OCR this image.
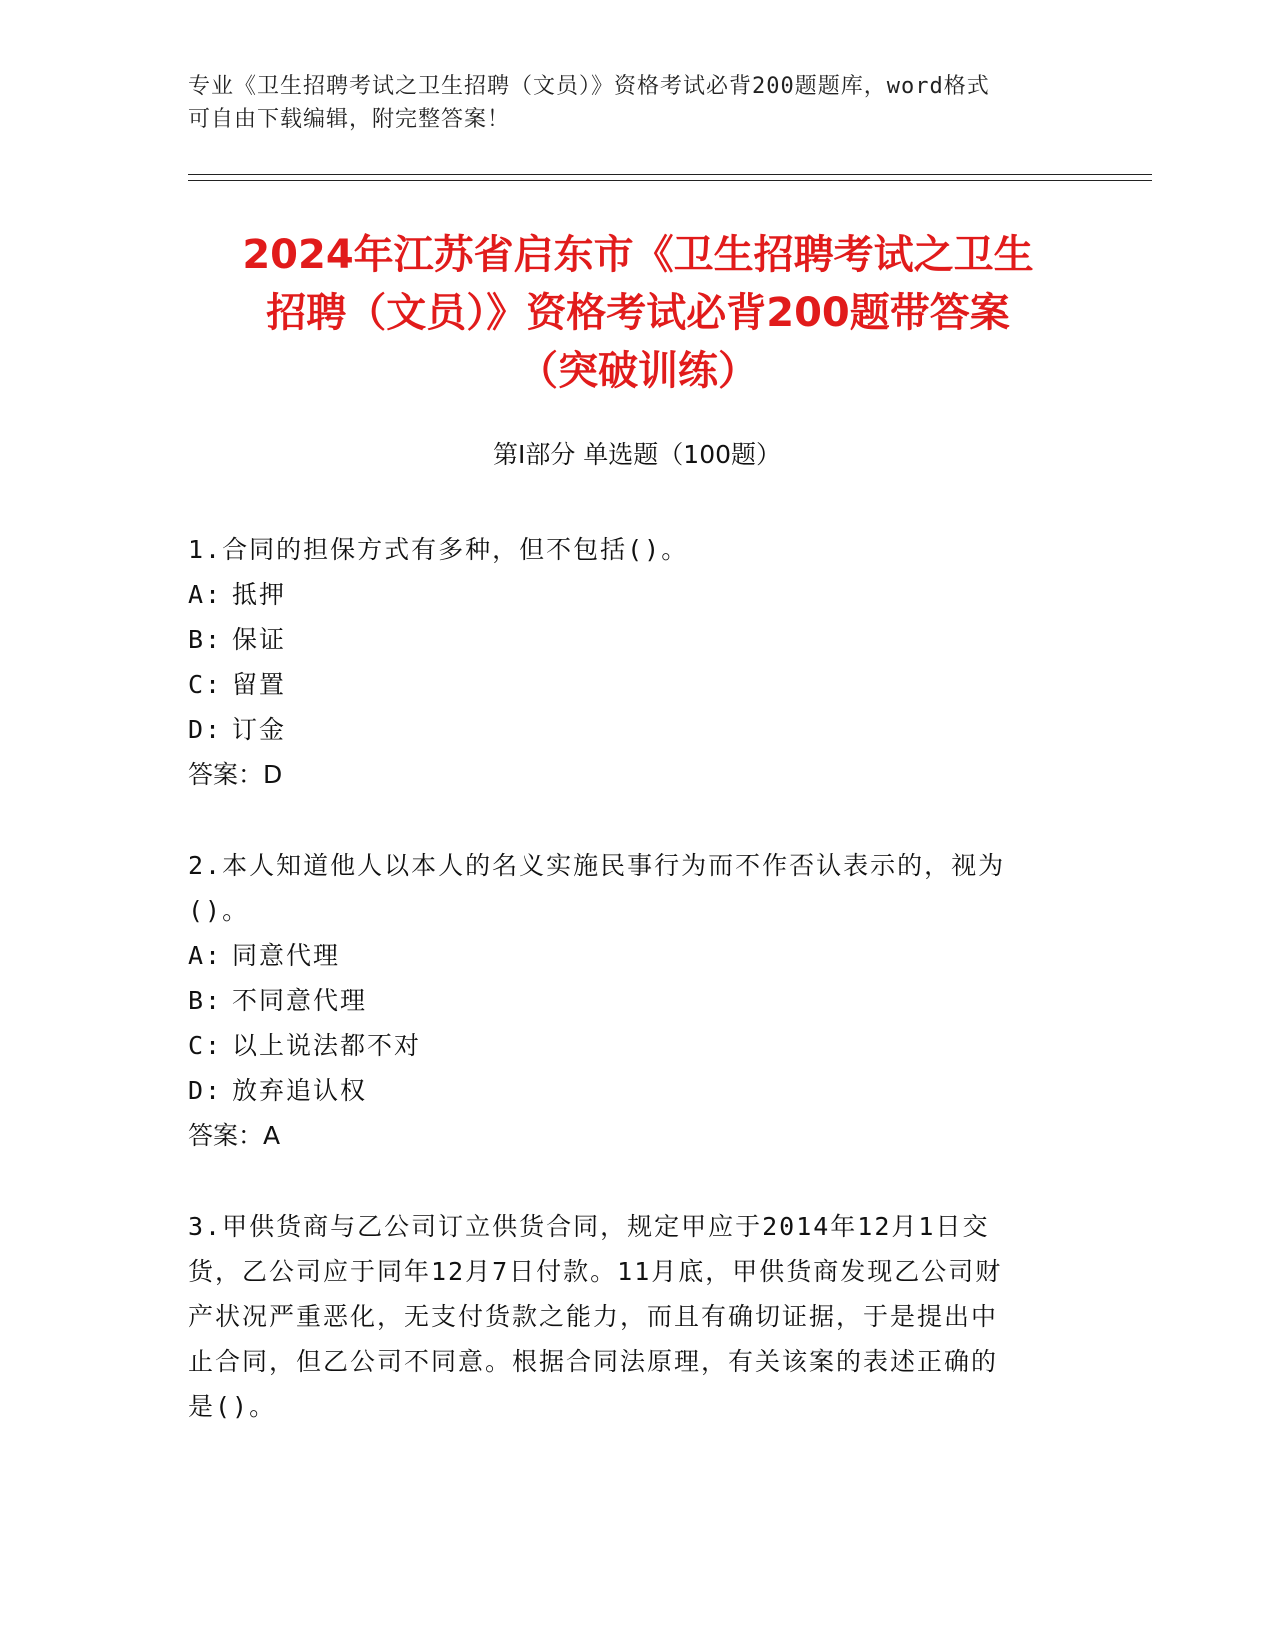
专业《卫生招聘考试之卫生招聘（文员）》资格考试必背200题题库，word格式
可自由下载编辑，附完整答案！
2024年江苏省启东市《卫生招聘考试之卫生
招聘（文员）》资格考试必背200题带答案
（突破训练）
第Ⅰ部分 单选题（100题）

1.合同的担保方式有多种，但不包括()。

A: 抵押
B: 保证
C: 留置
D: 订金

答案：D

2.本人知道他人以本人的名义实施民事行为而不作否认表示的，视为

()。

A: 同意代理
B: 不同意代理
C: 以上说法都不对
D: 放弃追认权

答案：A

3.甲供货商与乙公司订立供货合同，规定甲应于2014年12月1日交

货，乙公司应于同年12月7日付款。11月底，甲供货商发现乙公司财

产状况严重恶化，无支付货款之能力，而且有确切证据，于是提出中

止合同，但乙公司不同意。根据合同法原理，有关该案的表述正确的

是()。
